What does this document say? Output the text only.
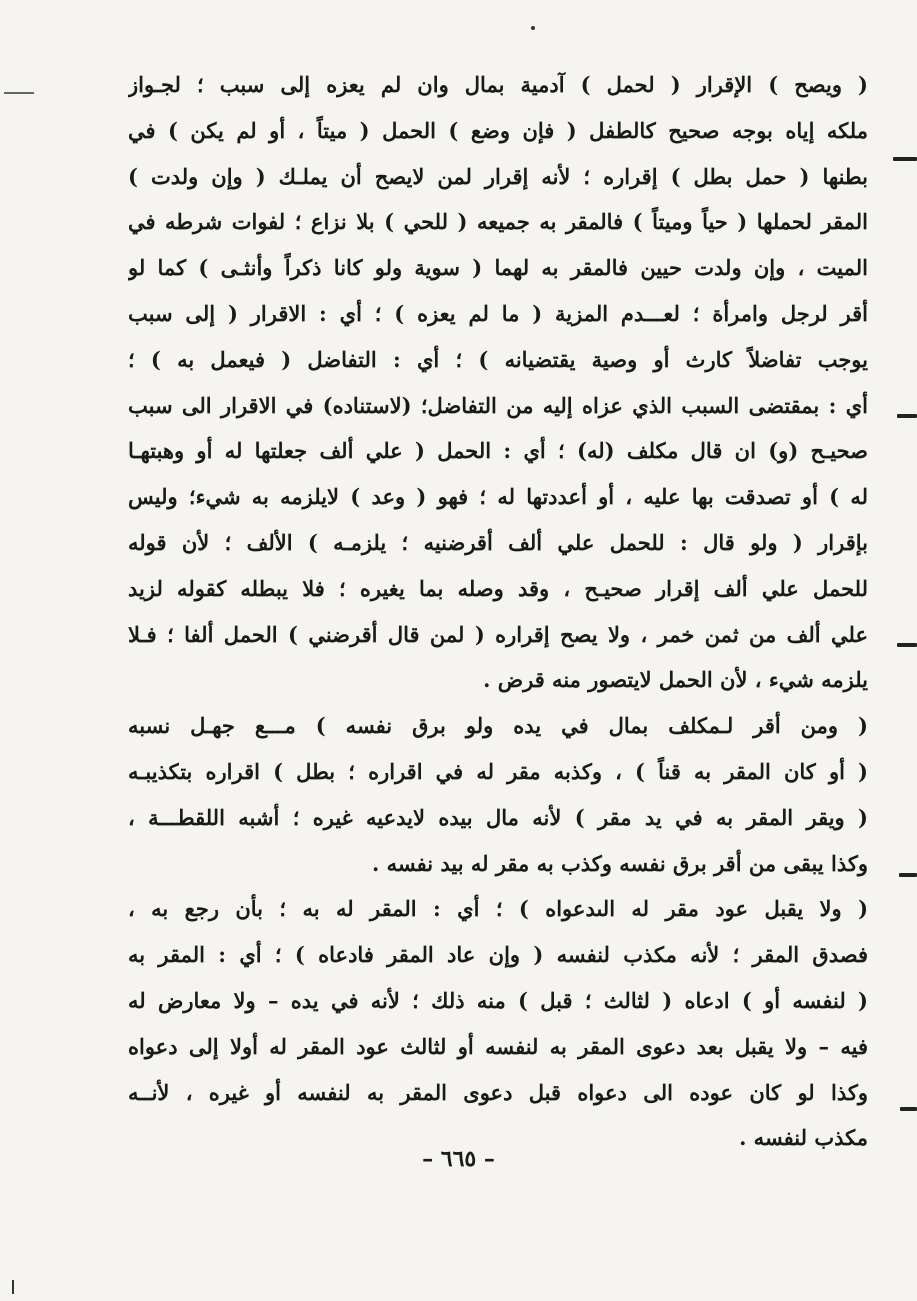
( ويصح ) الإقرار ( لحمل ) آدمية بمال وان لم يعزه إلى سبب ؛ لجـواز
ملكه إياه بوجه صحيح كالطفل ( فإن وضع ) الحمل ( ميتاً ، أو لم يكن ) في
بطنها ( حمل بطل ) إقراره ؛ لأنه إقرار لمن لايصح أن يملـك ( وإن ولدت )
المقر لحملها ( حياً وميتاً ) فالمقر به جميعه ( للحي ) بلا نزاع ؛ لفوات شرطه في
الميت ، وإن ولدت حيين فالمقر به لهما ( سوية ولو كانا ذكراً وأنثـى ) كما لو
أقر لرجل وامرأة ؛ لعـــدم المزية ( ما لم يعزه ) ؛ أي : الاقرار ( إلى سبب
يوجب تفاضلاً كارث أو وصية يقتضيانه ) ؛ أي : التفاضل ( فيعمل به ) ؛
أي : بمقتضى السبب الذي عزاه إليه من التفاضل؛ (لاستناده) في الاقرار الى سبب
صحيـح (و) ان قال مكلف (له) ؛ أي : الحمل ( علي ألف جعلتها له أو وهبتهـا
له ) أو تصدقت بها عليه ، أو أعددتها له ؛ فهو ( وعد ) لايلزمه به شيء؛ وليس
بإقرار ( ولو قال : للحمل علي ألف أقرضنيه ؛ يلزمـه ) الألف ؛ لأن قوله
للحمل علي ألف إقرار صحيـح ، وقد وصله بما يغيره ؛ فلا يبطله كقوله لزيد
علي ألف من ثمن خمر ، ولا يصح إقراره ( لمن قال أقرضني ) الحمل ألفا ؛ فـلا
يلزمه شيء ، لأن الحمل لايتصور منه قرض .
( ومن أقر لـمكلف بمال في يده ولو برق نفسه ) مـــع جهـل نسبه
( أو كان المقر به قناً ) ، وكذبه مقر له في اقراره ؛ بطل ) اقراره بتكذيبـه
( ويقر المقر به في يد مقر ) لأنه مال بيده لايدعيه غيره ؛ أشبه اللقطـــة ،
وكذا يبقى من أقر برق نفسه وكذب به مقر له بيد نفسه .
( ولا يقبل عود مقر له الىدعواه ) ؛ أي : المقر له به ؛ بأن رجع به ،
فصدق المقر ؛ لأنه مكذب لنفسه ( وإن عاد المقر فادعاه ) ؛ أي : المقر به
( لنفسه أو ) ادعاه ( لثالث ؛ قبل ) منه ذلك ؛ لأنه في يده – ولا معارض له
فيه – ولا يقبل بعد دعوى المقر به لنفسه أو لثالث عود المقر له أولا إلى دعواه
وكذا لو كان عوده الى دعواه قبل دعوى المقر به لنفسه أو غيره ، لأنــه
مكذب لنفسه .
– ٦٦٥ –
